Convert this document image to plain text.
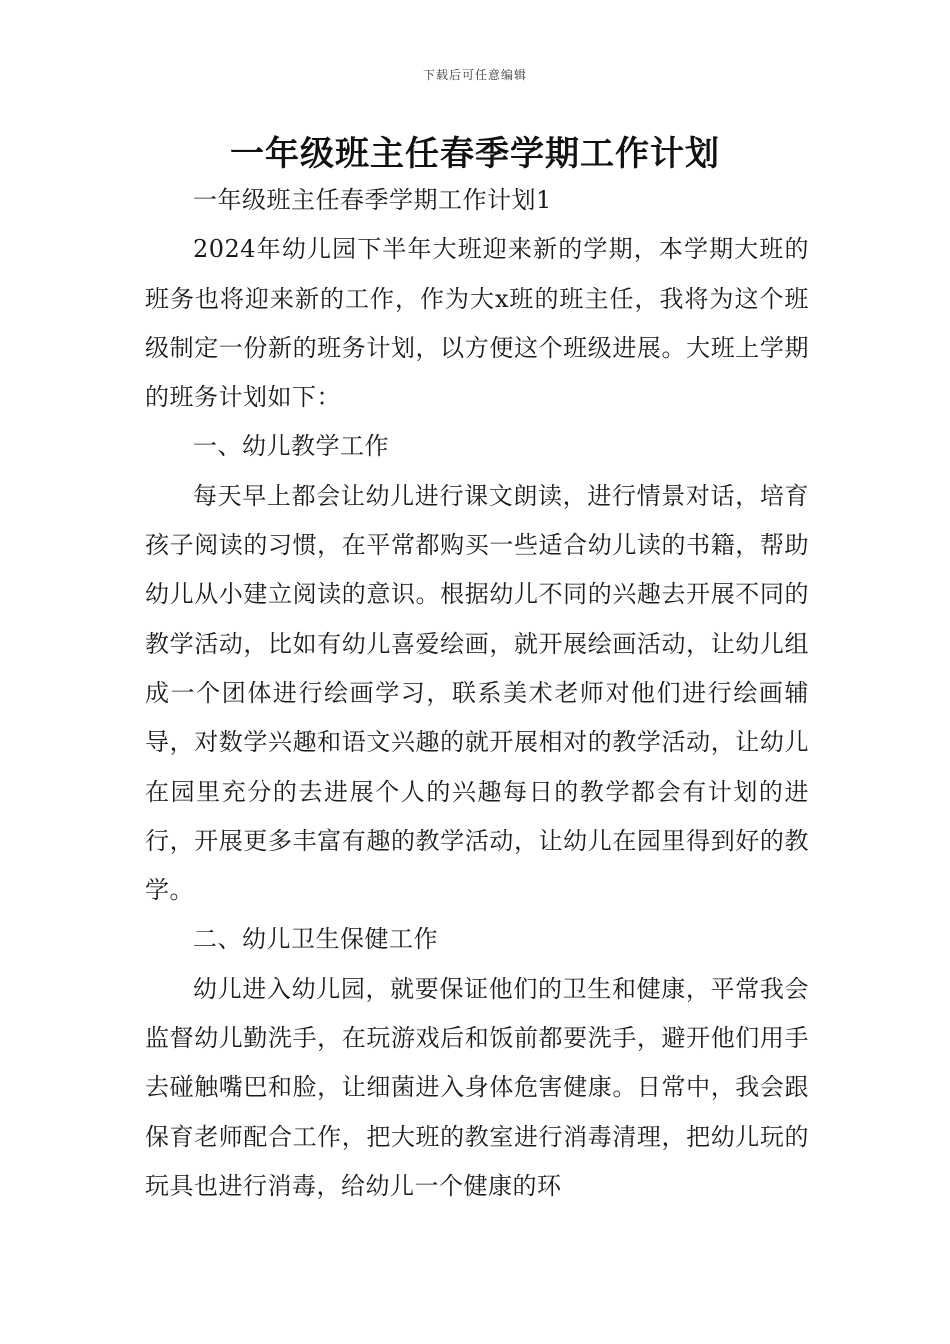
下载后可任意编辑
一年级班主任春季学期工作计划

一年级班主任春季学期工作计划1

2024年幼儿园下半年大班迎来新的学期，本学期大班的班务也将迎来新的工作，作为大x班的班主任，我将为这个班级制定一份新的班务计划，以方便这个班级进展。大班上学期的班务计划如下：

一、幼儿教学工作

每天早上都会让幼儿进行课文朗读，进行情景对话，培育孩子阅读的习惯，在平常都购买一些适合幼儿读的书籍，帮助幼儿从小建立阅读的意识。根据幼儿不同的兴趣去开展不同的教学活动，比如有幼儿喜爱绘画，就开展绘画活动，让幼儿组成一个团体进行绘画学习，联系美术老师对他们进行绘画辅导，对数学兴趣和语文兴趣的就开展相对的教学活动，让幼儿在园里充分的去进展个人的兴趣每日的教学都会有计划的进行，开展更多丰富有趣的教学活动，让幼儿在园里得到好的教学。

二、幼儿卫生保健工作

幼儿进入幼儿园，就要保证他们的卫生和健康，平常我会监督幼儿勤洗手，在玩游戏后和饭前都要洗手，避开他们用手去碰触嘴巴和脸，让细菌进入身体危害健康。日常中，我会跟保育老师配合工作，把大班的教室进行消毒清理，把幼儿玩的玩具也进行消毒，给幼儿一个健康的环
